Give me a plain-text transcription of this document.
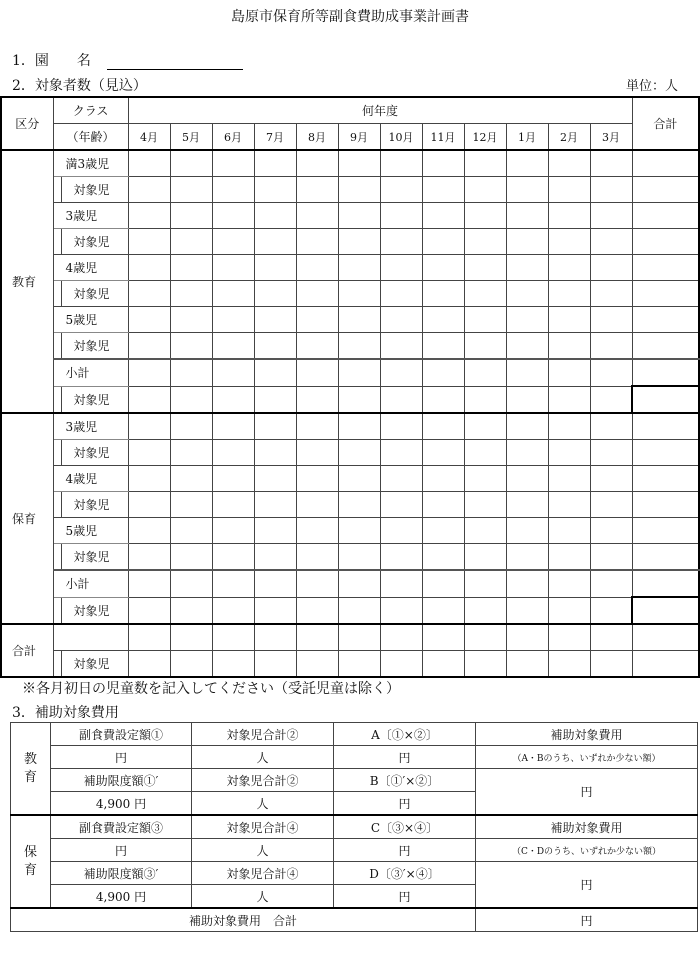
島原市保育所等副食費助成事業計画書
1．園　　名
2．対象者数（見込）	単位：人
区分	クラス		何年度												合計
	（年齢）		4月	5月	6月	7月	8月	9月	10月	11月	12月	1月	2月	3月	
教育	満3歳児														
		対象児													
	3歳児														
		対象児													
	4歳児														
		対象児													
	5歳児														
		対象児													
	小計														
		対象児													
保育	3歳児														
		対象児													
	4歳児														
		対象児													
	5歳児														
		対象児													
	小計														
		対象児													
合計															
		対象児													
※各月初日の児童数を記入してください（受託児童は除く）
3．補助対象費用
教育	副食費設定額①	対象児合計②	A〔①×②〕	補助対象費用
	円	人	円	（A・Bのうち、いずれか少ない額）
	補助限度額①′	対象児合計②	B〔①′×②〕	円
	4,900 円	人	円	
保育	副食費設定額③	対象児合計④	C〔③×④〕	補助対象費用
	円	人	円	（C・Dのうち、いずれか少ない額）
	補助限度額③′	対象児合計④	D〔③′×④〕	円
	4,900 円	人	円	
補助対象費用　合計				円
